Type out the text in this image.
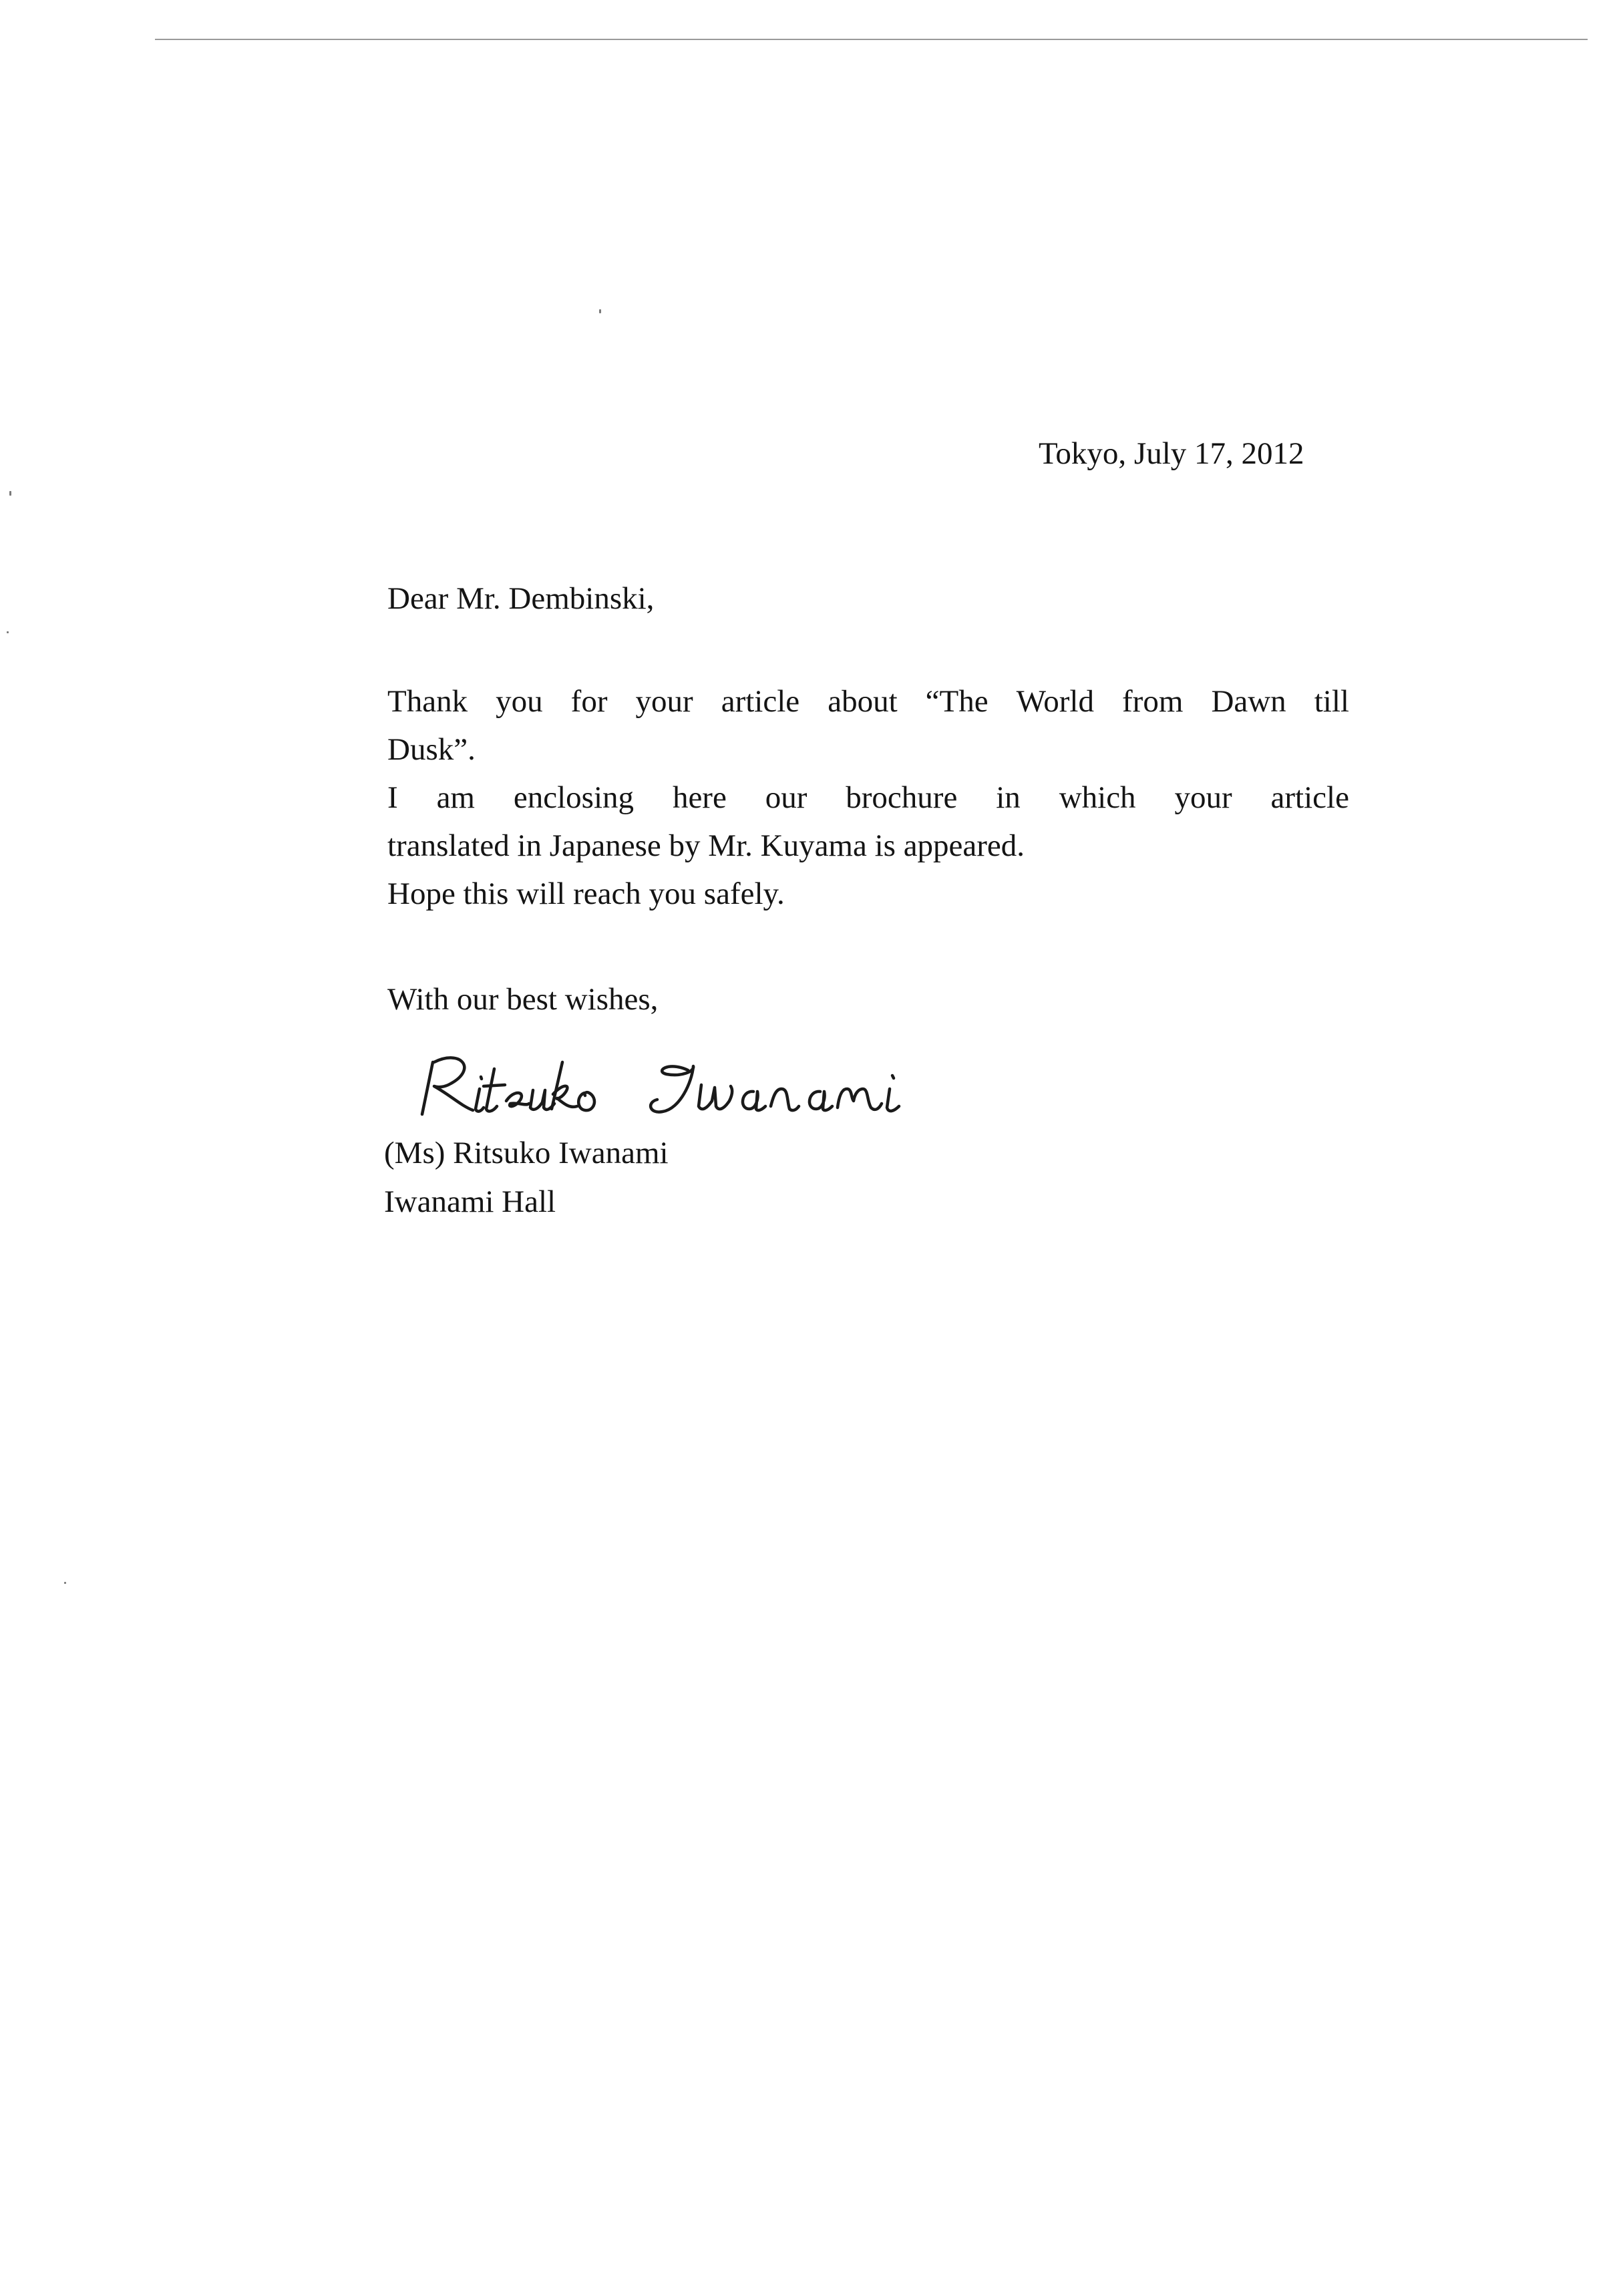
Tokyo, July 17, 2012
Dear Mr. Dembinski,
Thank you for your article about “The World from Dawn till
Dusk”.
I am enclosing here our brochure in which your article
translated in Japanese by Mr. Kuyama is appeared.
Hope this will reach you safely.
With our best wishes,
(Ms) Ritsuko Iwanami
Iwanami Hall
